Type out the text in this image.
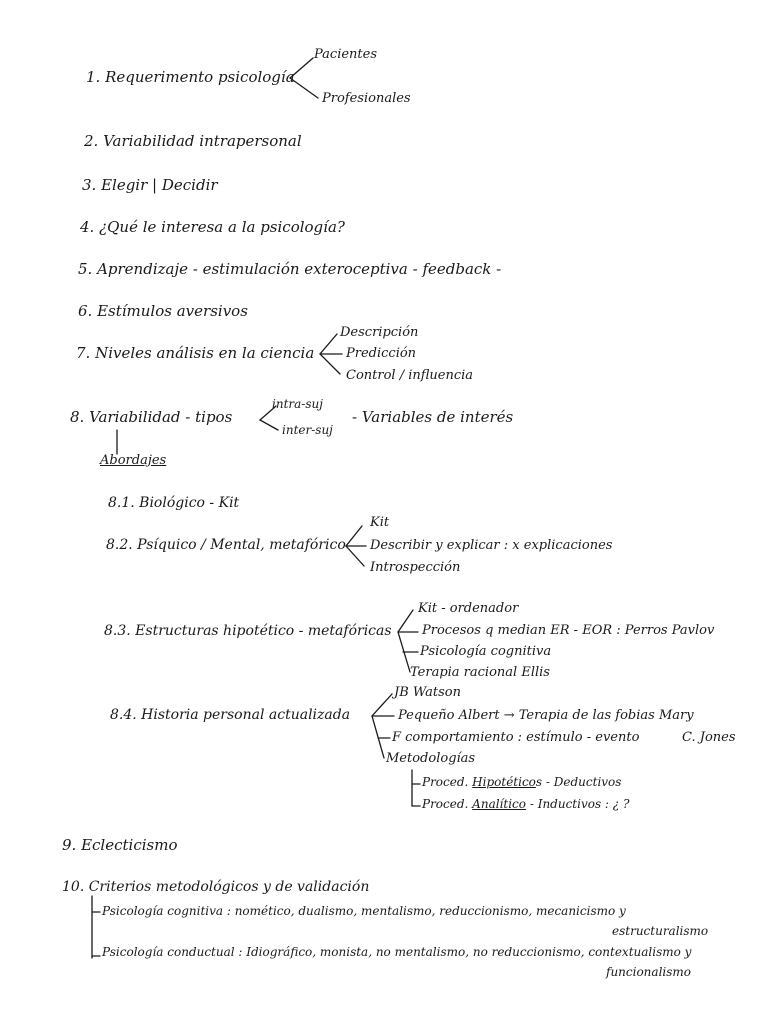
1. Requerimento psicología
Pacientes
Profesionales
2. Variabilidad intrapersonal
3. Elegir | Decidir
4. ¿Qué le interesa a la psicología?
5. Aprendizaje - estimulación exteroceptiva - feedback -
6. Estímulos aversivos
7. Niveles análisis en la ciencia
Descripción
Predicción
Control / influencia
8. Variabilidad - tipos
intra-suj
inter-suj
- Variables de interés
Abordajes
8.1. Biológico - Kit
8.2. Psíquico / Mental, metafórico
Kit
Describir y explicar : x explicaciones
Introspección
8.3. Estructuras hipotético - metafóricas
Kit - ordenador
Procesos q median ER - EOR : Perros Pavlov
Psicología cognitiva
Terapia racional Ellis
8.4. Historia personal actualizada
JB Watson
Pequeño Albert → Terapia de las fobias Mary
F comportamiento : estímulo - evento	C. Jones
Metodologías
Proced. Hipotéticos - Deductivos
Proced. Analítico - Inductivos : ¿ ?
9. Eclecticismo
10. Criterios metodológicos y de validación
Psicología cognitiva : nomético, dualismo, mentalismo, reduccionismo, mecanicismo y
estructuralismo
Psicología conductual : Idiográfico, monista, no mentalismo, no reduccionismo, contextualismo y
funcionalismo
